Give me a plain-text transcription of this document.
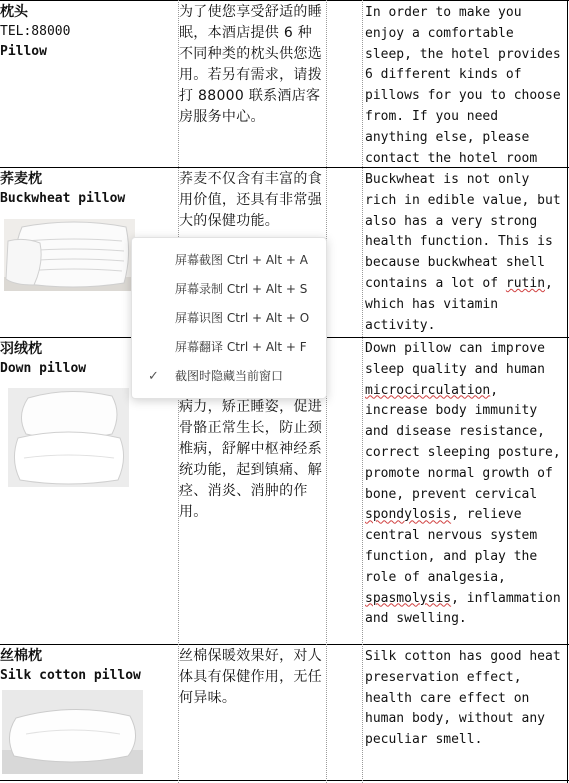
枕头
TEL:88000
Pillow
为了使您享受舒适的睡眠，本酒店提供 6 种不同种类的枕头供您选用。若另有需求，请拨打 88000 联系酒店客房服务中心。
In order to make you enjoy a comfortable sleep, the hotel provides 6 different kinds of pillows for you to choose from. If you need anything else, please contact the hotel room
荞麦枕
Buckwheat pillow
荞麦不仅含有丰富的食用价值，还具有非常强大的保健功能。
Buckwheat is not only rich in edible value, but also has a very strong health function. This is because buckwheat shell contains a lot of rutin, which has vitamin activity.
羽绒枕
Down pillow
病力，矫正睡姿，促进骨骼正常生长，防止颈椎病，舒解中枢神经系统功能，起到镇痛、解痉、消炎、消肿的作用。
Down pillow can improve sleep quality and human microcirculation, increase body immunity and disease resistance, correct sleeping posture, promote normal growth of bone, prevent cervical spondylosis, relieve central nervous system function, and play the role of analgesia, spasmolysis, inflammation and swelling.
丝棉枕
Silk cotton pillow
丝棉保暖效果好，对人体具有保健作用，无任何异味。
Silk cotton has good heat preservation effect, health care effect on human body, without any peculiar smell.
屏幕截图 Ctrl + Alt + A
屏幕录制 Ctrl + Alt + S
屏幕识图 Ctrl + Alt + O
屏幕翻译 Ctrl + Alt + F
✓ 截图时隐藏当前窗口
